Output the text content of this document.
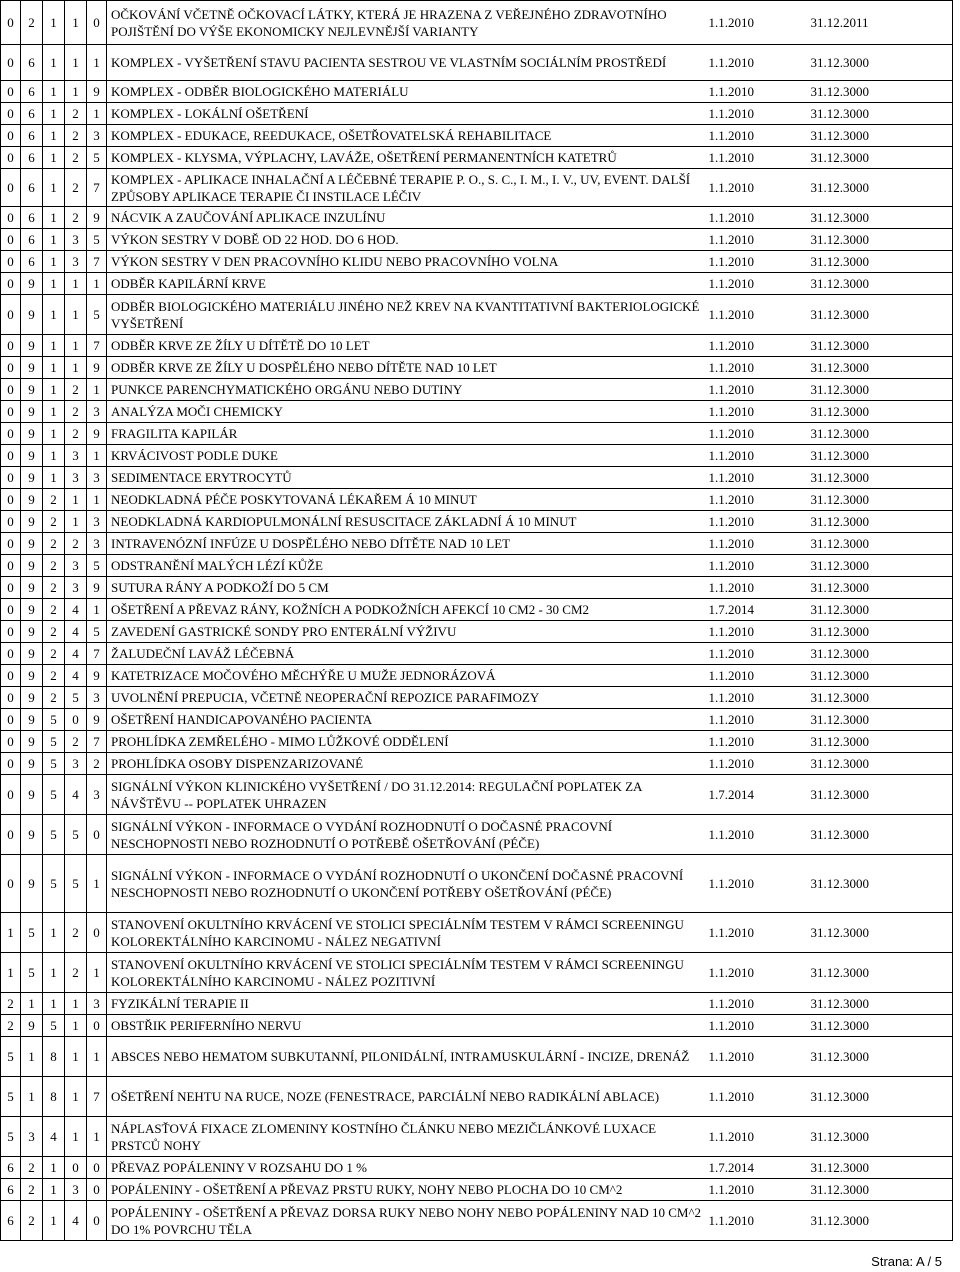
0	2	1	1	0	OČKOVÁNÍ VČETNĚ OČKOVACÍ LÁTKY, KTERÁ JE HRAZENA Z VEŘEJNÉHO ZDRAVOTNÍHO POJIŠTĚNÍ DO VÝŠE EKONOMICKY NEJLEVNĚJŠÍ VARIANTY	1.1.2010	31.12.2011
0	6	1	1	1	KOMPLEX - VYŠETŘENÍ STAVU PACIENTA SESTROU VE VLASTNÍM SOCIÁLNÍM PROSTŘEDÍ	1.1.2010	31.12.3000
0	6	1	1	9	KOMPLEX - ODBĚR BIOLOGICKÉHO MATERIÁLU	1.1.2010	31.12.3000
0	6	1	2	1	KOMPLEX - LOKÁLNÍ OŠETŘENÍ	1.1.2010	31.12.3000
0	6	1	2	3	KOMPLEX - EDUKACE, REEDUKACE, OŠETŘOVATELSKÁ REHABILITACE	1.1.2010	31.12.3000
0	6	1	2	5	KOMPLEX - KLYSMA, VÝPLACHY, LAVÁŽE, OŠETŘENÍ PERMANENTNÍCH KATETRŮ	1.1.2010	31.12.3000
0	6	1	2	7	KOMPLEX - APLIKACE INHALAČNÍ A LÉČEBNÉ TERAPIE P. O., S. C., I. M., I. V., UV, EVENT. DALŠÍ ZPŮSOBY APLIKACE TERAPIE ČI INSTILACE LÉČIV	1.1.2010	31.12.3000
0	6	1	2	9	NÁCVIK A ZAUČOVÁNÍ APLIKACE INZULÍNU	1.1.2010	31.12.3000
0	6	1	3	5	VÝKON SESTRY V DOBĚ OD 22 HOD. DO 6 HOD.	1.1.2010	31.12.3000
0	6	1	3	7	VÝKON SESTRY V DEN PRACOVNÍHO KLIDU NEBO PRACOVNÍHO VOLNA	1.1.2010	31.12.3000
0	9	1	1	1	ODBĚR KAPILÁRNÍ KRVE	1.1.2010	31.12.3000
0	9	1	1	5	ODBĚR BIOLOGICKÉHO MATERIÁLU JINÉHO NEŽ KREV NA KVANTITATIVNÍ BAKTERIOLOGICKÉ VYŠETŘENÍ	1.1.2010	31.12.3000
0	9	1	1	7	ODBĚR KRVE ZE ŽÍLY U DÍTĚTĚ DO 10 LET	1.1.2010	31.12.3000
0	9	1	1	9	ODBĚR KRVE ZE ŽÍLY U DOSPĚLÉHO NEBO DÍTĚTE NAD 10 LET	1.1.2010	31.12.3000
0	9	1	2	1	PUNKCE PARENCHYMATICKÉHO ORGÁNU NEBO DUTINY	1.1.2010	31.12.3000
0	9	1	2	3	ANALÝZA MOČI CHEMICKY	1.1.2010	31.12.3000
0	9	1	2	9	FRAGILITA KAPILÁR	1.1.2010	31.12.3000
0	9	1	3	1	KRVÁCIVOST PODLE DUKE	1.1.2010	31.12.3000
0	9	1	3	3	SEDIMENTACE ERYTROCYTŮ	1.1.2010	31.12.3000
0	9	2	1	1	NEODKLADNÁ PÉČE POSKYTOVANÁ LÉKAŘEM Á 10 MINUT	1.1.2010	31.12.3000
0	9	2	1	3	NEODKLADNÁ KARDIOPULMONÁLNÍ RESUSCITACE ZÁKLADNÍ Á 10 MINUT	1.1.2010	31.12.3000
0	9	2	2	3	INTRAVENÓZNÍ INFÚZE U DOSPĚLÉHO NEBO DÍTĚTE NAD 10 LET	1.1.2010	31.12.3000
0	9	2	3	5	ODSTRANĚNÍ MALÝCH LÉZÍ KŮŽE	1.1.2010	31.12.3000
0	9	2	3	9	SUTURA RÁNY A PODKOŽÍ DO 5 CM	1.1.2010	31.12.3000
0	9	2	4	1	OŠETŘENÍ A PŘEVAZ RÁNY, KOŽNÍCH A PODKOŽNÍCH AFEKCÍ 10 CM2 - 30 CM2	1.7.2014	31.12.3000
0	9	2	4	5	ZAVEDENÍ GASTRICKÉ SONDY PRO ENTERÁLNÍ VÝŽIVU	1.1.2010	31.12.3000
0	9	2	4	7	ŽALUDEČNÍ LAVÁŽ LÉČEBNÁ	1.1.2010	31.12.3000
0	9	2	4	9	KATETRIZACE MOČOVÉHO MĚCHÝŘE U MUŽE JEDNORÁZOVÁ	1.1.2010	31.12.3000
0	9	2	5	3	UVOLNĚNÍ PREPUCIA, VČETNĚ NEOPERAČNÍ REPOZICE PARAFIMOZY	1.1.2010	31.12.3000
0	9	5	0	9	OŠETŘENÍ HANDICAPOVANÉHO PACIENTA	1.1.2010	31.12.3000
0	9	5	2	7	PROHLÍDKA ZEMŘELÉHO - MIMO LŮŽKOVÉ ODDĚLENÍ	1.1.2010	31.12.3000
0	9	5	3	2	PROHLÍDKA OSOBY DISPENZARIZOVANÉ	1.1.2010	31.12.3000
0	9	5	4	3	SIGNÁLNÍ VÝKON KLINICKÉHO VYŠETŘENÍ / DO 31.12.2014: REGULAČNÍ POPLATEK ZA NÁVŠTĚVU -- POPLATEK UHRAZEN	1.7.2014	31.12.3000
0	9	5	5	0	SIGNÁLNÍ VÝKON - INFORMACE O VYDÁNÍ ROZHODNUTÍ O DOČASNÉ PRACOVNÍ NESCHOPNOSTI NEBO ROZHODNUTÍ O POTŘEBĚ OŠETŘOVÁNÍ (PÉČE)	1.1.2010	31.12.3000
0	9	5	5	1	SIGNÁLNÍ VÝKON - INFORMACE O VYDÁNÍ ROZHODNUTÍ O UKONČENÍ DOČASNÉ PRACOVNÍ NESCHOPNOSTI NEBO ROZHODNUTÍ O UKONČENÍ POTŘEBY OŠETŘOVÁNÍ (PÉČE)	1.1.2010	31.12.3000
1	5	1	2	0	STANOVENÍ OKULTNÍHO KRVÁCENÍ VE STOLICI SPECIÁLNÍM TESTEM V RÁMCI SCREENINGU KOLOREKTÁLNÍHO KARCINOMU - NÁLEZ NEGATIVNÍ	1.1.2010	31.12.3000
1	5	1	2	1	STANOVENÍ OKULTNÍHO KRVÁCENÍ VE STOLICI SPECIÁLNÍM TESTEM V RÁMCI SCREENINGU KOLOREKTÁLNÍHO KARCINOMU - NÁLEZ POZITIVNÍ	1.1.2010	31.12.3000
2	1	1	1	3	FYZIKÁLNÍ TERAPIE II	1.1.2010	31.12.3000
2	9	5	1	0	OBSTŘIK PERIFERNÍHO NERVU	1.1.2010	31.12.3000
5	1	8	1	1	ABSCES NEBO HEMATOM SUBKUTANNÍ, PILONIDÁLNÍ, INTRAMUSKULÁRNÍ - INCIZE, DRENÁŽ	1.1.2010	31.12.3000
5	1	8	1	7	OŠETŘENÍ NEHTU NA RUCE, NOZE (FENESTRACE, PARCIÁLNÍ NEBO RADIKÁLNÍ ABLACE)	1.1.2010	31.12.3000
5	3	4	1	1	NÁPLASŤOVÁ FIXACE ZLOMENINY KOSTNÍHO ČLÁNKU NEBO MEZIČLÁNKOVÉ LUXACE PRSTCŮ NOHY	1.1.2010	31.12.3000
6	2	1	0	0	PŘEVAZ POPÁLENINY V ROZSAHU DO 1 %	1.7.2014	31.12.3000
6	2	1	3	0	POPÁLENINY - OŠETŘENÍ A PŘEVAZ PRSTU RUKY, NOHY NEBO PLOCHA DO 10 CM^2	1.1.2010	31.12.3000
6	2	1	4	0	POPÁLENINY - OŠETŘENÍ A PŘEVAZ DORSA RUKY NEBO NOHY NEBO POPÁLENINY NAD 10 CM^2 DO 1% POVRCHU TĚLA	1.1.2010	31.12.3000
Strana: A / 5
